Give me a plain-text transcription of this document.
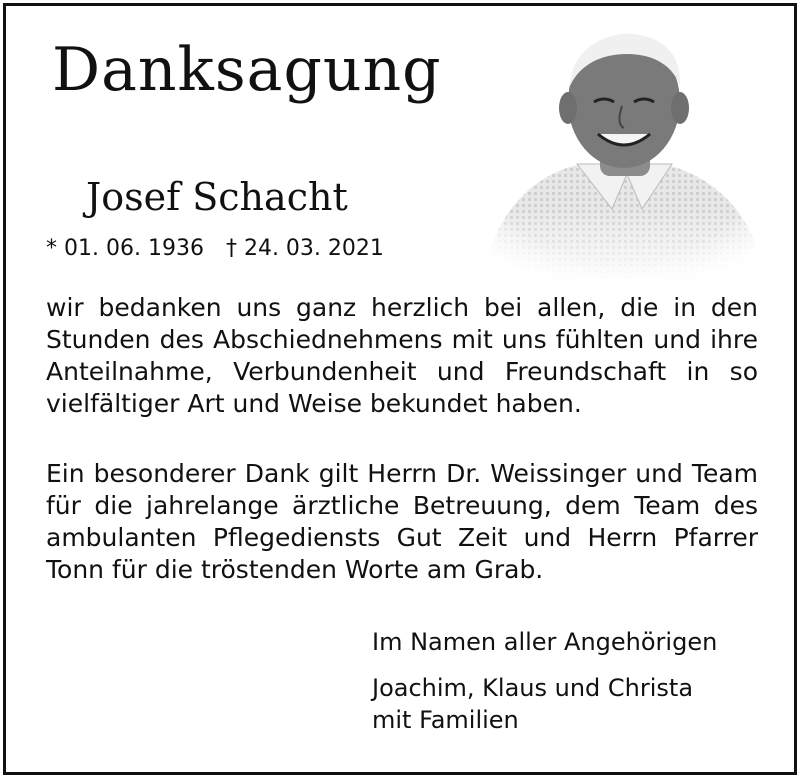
Danksagung
Josef Schacht
* 01. 06. 1936 † 24. 03. 2021
wir bedanken uns ganz herzlich bei allen, die in den Stunden des Abschiednehmens mit uns fühlten und ihre Anteilnahme, Verbundenheit und Freundschaft in so vielfältiger Art und Weise bekundet haben.
Ein besonderer Dank gilt Herrn Dr. Weissinger und Team für die jahrelange ärztliche Betreuung, dem Team des ambulanten Pflegediensts Gut Zeit und Herrn Pfarrer Tonn für die tröstenden Worte am Grab.
Im Namen aller Angehörigen
Joachim, Klaus und Christa
mit Familien
